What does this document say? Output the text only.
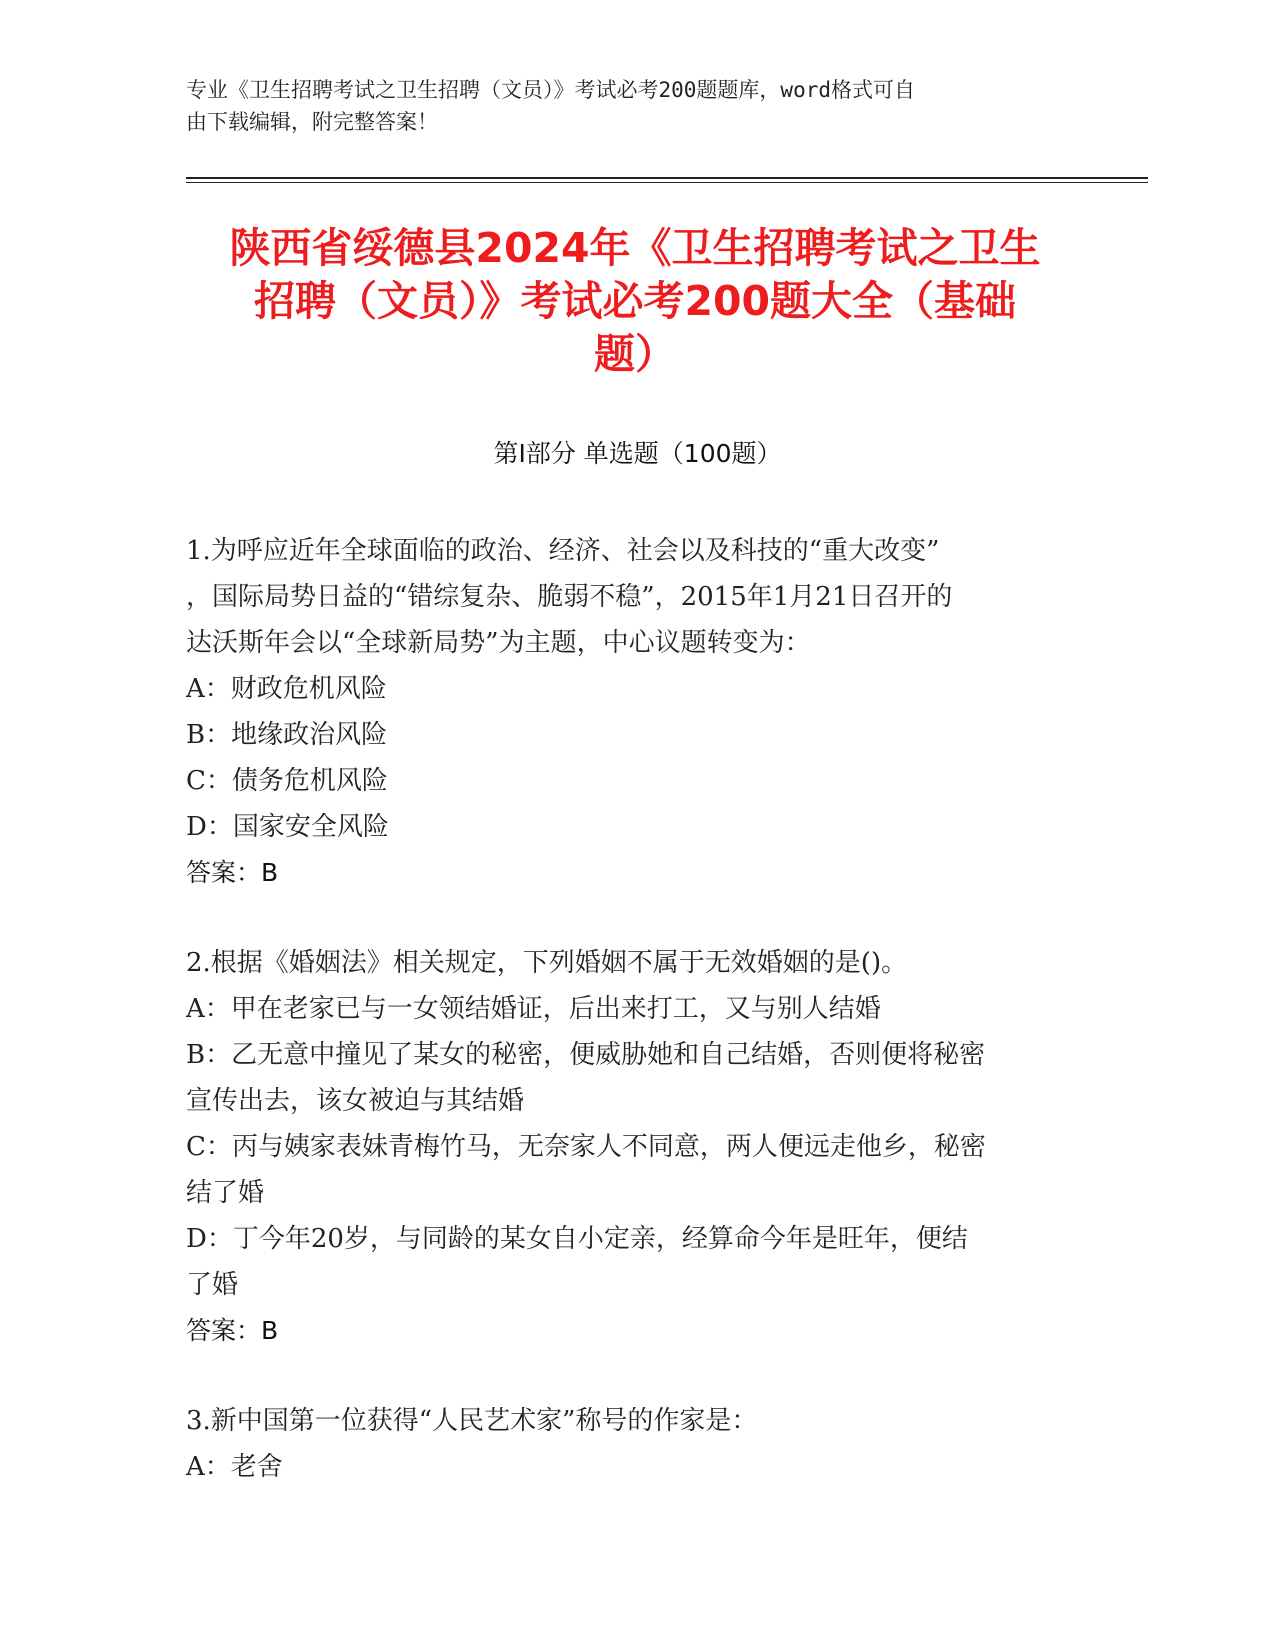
专业《卫生招聘考试之卫生招聘（文员）》考试必考200题题库，word格式可自
由下载编辑，附完整答案！
陕西省绥德县2024年《卫生招聘考试之卫生
招聘（文员）》考试必考200题大全（基础
题）
第Ⅰ部分 单选题（100题）
1.为呼应近年全球面临的政治、经济、社会以及科技的“重大改变”
，国际局势日益的“错综复杂、脆弱不稳”，2015年1月21日召开的
达沃斯年会以“全球新局势”为主题，中心议题转变为：
A：财政危机风险
B：地缘政治风险
C：债务危机风险
D：国家安全风险
答案：B
2.根据《婚姻法》相关规定，下列婚姻不属于无效婚姻的是()。
A：甲在老家已与一女领结婚证，后出来打工，又与别人结婚
B：乙无意中撞见了某女的秘密，便威胁她和自己结婚，否则便将秘密
宣传出去，该女被迫与其结婚
C：丙与姨家表妹青梅竹马，无奈家人不同意，两人便远走他乡，秘密
结了婚
D：丁今年20岁，与同龄的某女自小定亲，经算命今年是旺年，便结
了婚
答案：B
3.新中国第一位获得“人民艺术家”称号的作家是：
A：老舍
